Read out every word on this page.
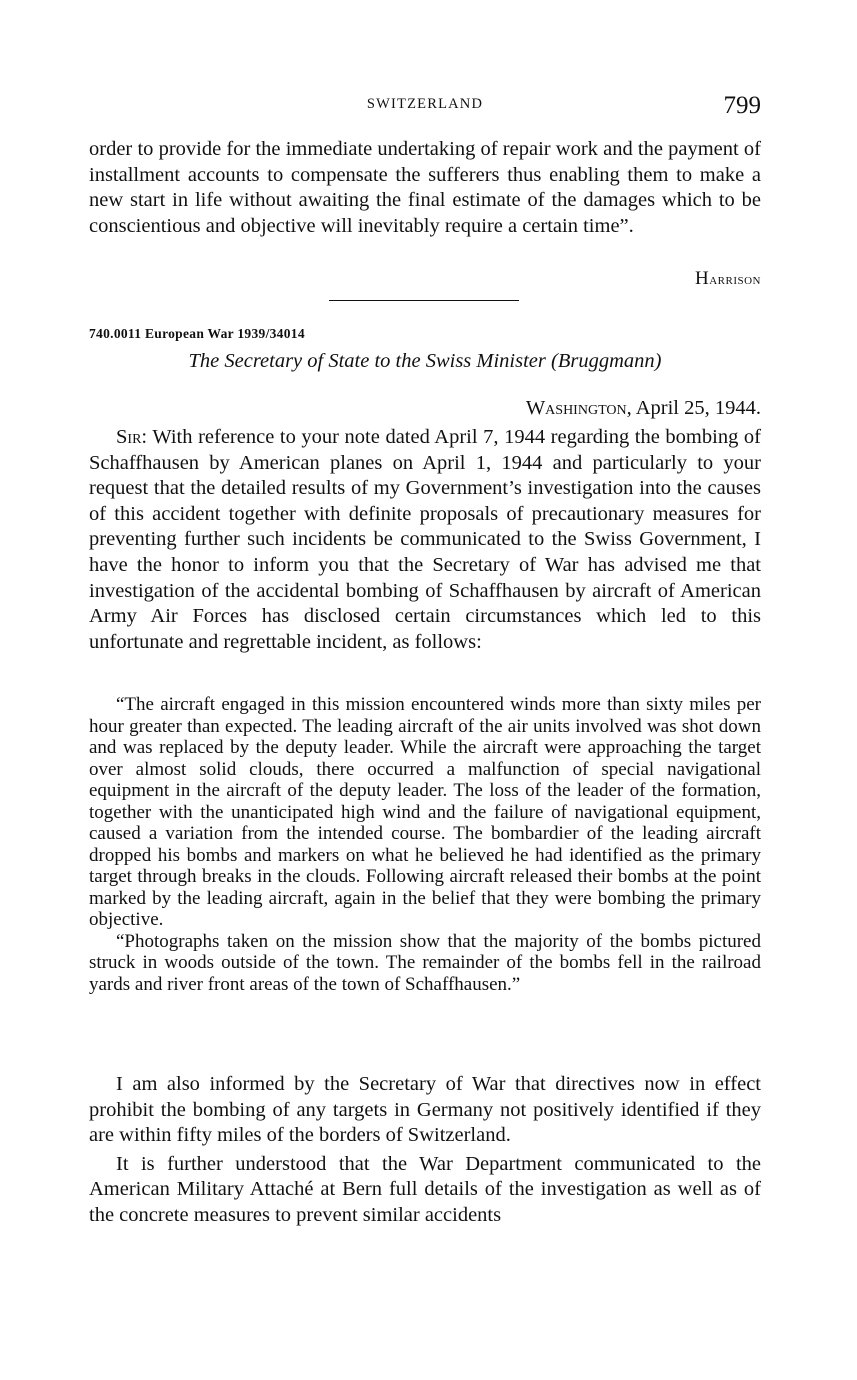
SWITZERLAND	799

order to provide for the immediate undertaking of repair work and the payment of installment accounts to compensate the sufferers thus enabling them to make a new start in life without awaiting the final estimate of the damages which to be conscientious and objective will inevitably require a certain time”.

Harrison
740.0011 European War 1939/34014
The Secretary of State to the Swiss Minister (Bruggmann)
Washington, April 25, 1944.

Sir: With reference to your note dated April 7, 1944 regarding the bombing of Schaffhausen by American planes on April 1, 1944 and particularly to your request that the detailed results of my Government’s investigation into the causes of this accident together with definite proposals of precautionary measures for preventing further such incidents be communicated to the Swiss Government, I have the honor to inform you that the Secretary of War has advised me that investigation of the accidental bombing of Schaffhausen by aircraft of American Army Air Forces has disclosed certain circumstances which led to this unfortunate and regrettable incident, as follows:

“The aircraft engaged in this mission encountered winds more than sixty miles per hour greater than expected. The leading aircraft of the air units involved was shot down and was replaced by the deputy leader. While the aircraft were approaching the target over almost solid clouds, there occurred a malfunction of special navigational equipment in the aircraft of the deputy leader. The loss of the leader of the formation, together with the unanticipated high wind and the failure of navigational equipment, caused a variation from the intended course. The bombardier of the leading aircraft dropped his bombs and markers on what he believed he had identified as the primary target through breaks in the clouds. Following aircraft released their bombs at the point marked by the leading aircraft, again in the belief that they were bombing the primary objective.

“Photographs taken on the mission show that the majority of the bombs pictured struck in woods outside of the town. The remainder of the bombs fell in the railroad yards and river front areas of the town of Schaffhausen.”

I am also informed by the Secretary of War that directives now in effect prohibit the bombing of any targets in Germany not positively identified if they are within fifty miles of the borders of Switzerland.

It is further understood that the War Department communicated to the American Military Attaché at Bern full details of the investigation as well as of the concrete measures to prevent similar accidents
